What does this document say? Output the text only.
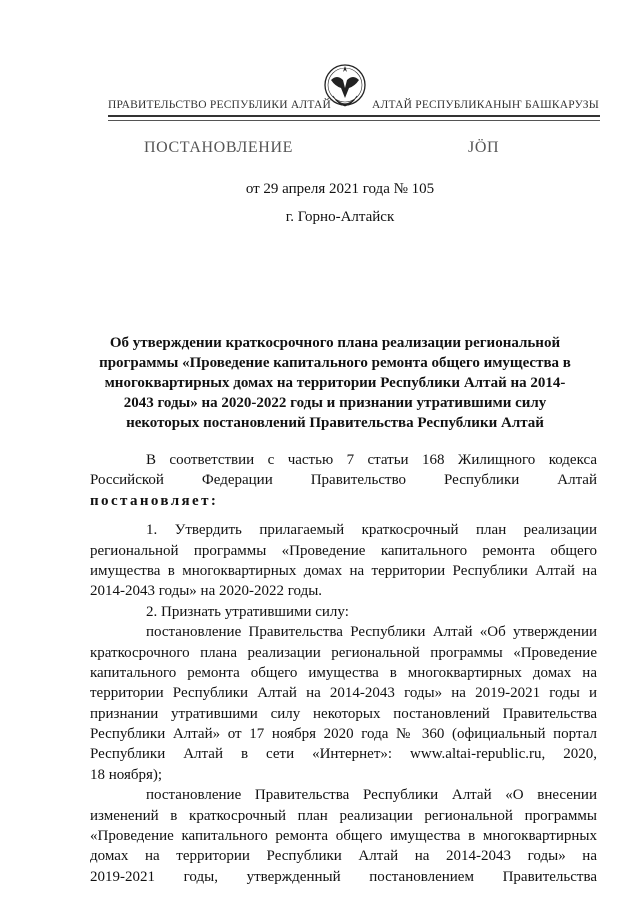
ПРАВИТЕЛЬСТВО РЕСПУБЛИКИ АЛТАЙ	АЛТАЙ РЕСПУБЛИКАНЫҤ БАШКАРУЗЫ
ПОСТАНОВЛЕНИЕ	JÖП
от 29 апреля 2021 года № 105
г. Горно-Алтайск
Об утверждении краткосрочного плана реализации региональной
программы «Проведение капитального ремонта общего имущества в
многоквартирных домах на территории Республики Алтай на 2014-
2043 годы» на 2020-2022 годы и признании утратившими силу
некоторых постановлений Правительства Республики Алтай
В соответствии с частью 7 статьи 168 Жилищного кодекса
Российской Федерации Правительство Республики Алтай
постановляет:
1. Утвердить прилагаемый краткосрочный план реализации
региональной программы «Проведение капитального ремонта общего
имущества в многоквартирных домах на территории Республики Алтай на
2014-2043 годы» на 2020-2022 годы.
2. Признать утратившими силу:
постановление Правительства Республики Алтай «Об утверждении
краткосрочного плана реализации региональной программы «Проведение
капитального ремонта общего имущества в многоквартирных домах на
территории Республики Алтай на 2014-2043 годы» на 2019-2021 годы и
признании утратившими силу некоторых постановлений Правительства
Республики Алтай» от 17 ноября 2020 года № 360 (официальный портал
Республики Алтай в сети «Интернет»: www.altai-republic.ru, 2020,
18 ноября);
постановление Правительства Республики Алтай «О внесении
изменений в краткосрочный план реализации региональной программы
«Проведение капитального ремонта общего имущества в многоквартирных
домах на территории Республики Алтай на 2014-2043 годы» на
2019-2021 годы, утвержденный постановлением Правительства
